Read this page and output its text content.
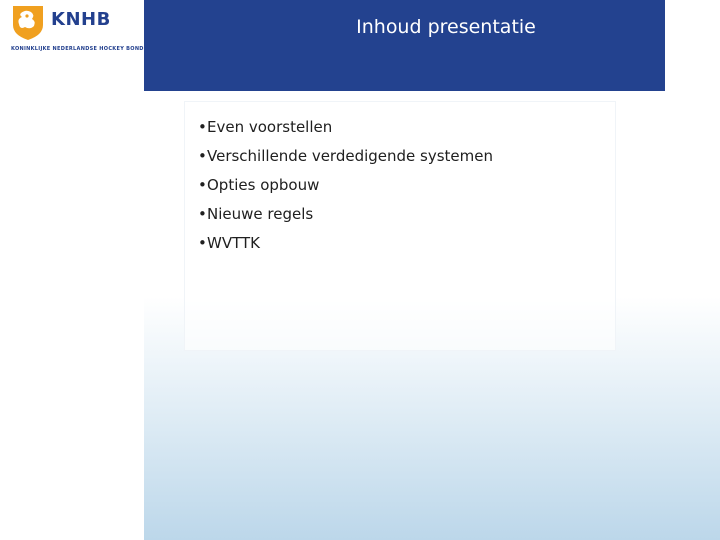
KNHB
KONINKLIJKE NEDERLANDSE HOCKEY BOND
Inhoud presentatie
•Even voorstellen
•Verschillende verdedigende systemen
•Opties opbouw
•Nieuwe regels
•WVTTK
